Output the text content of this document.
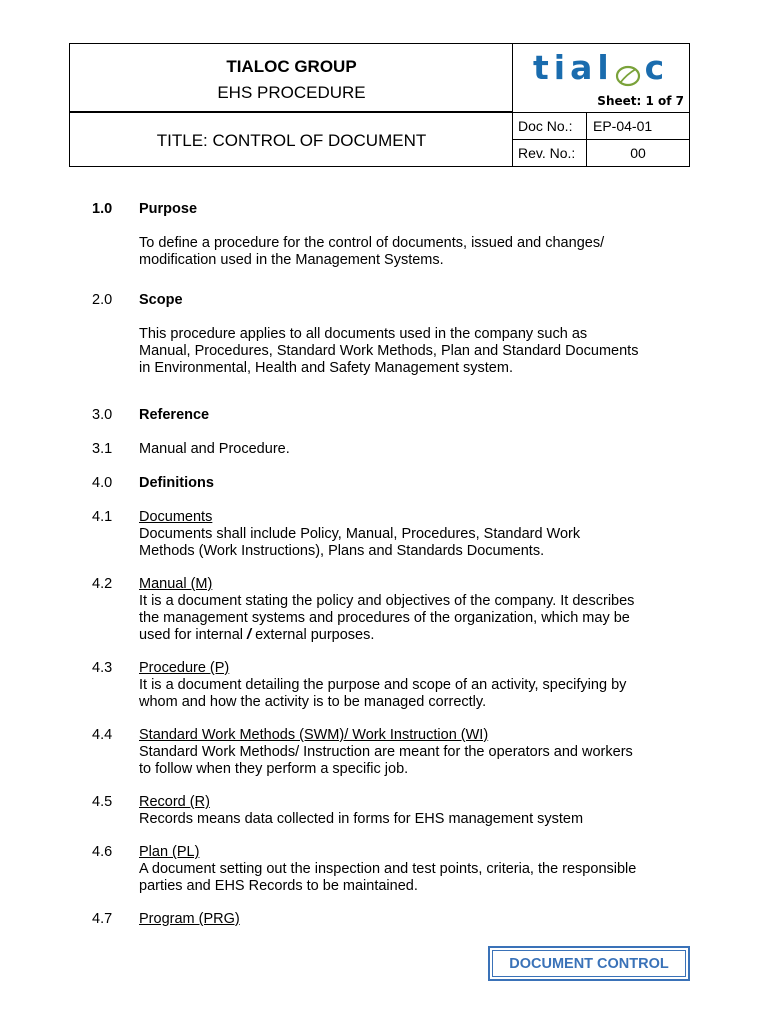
TIALOC GROUP
EHS PROCEDURE
tial c
Sheet: 1 of 7
TITLE: CONTROL OF DOCUMENT
Doc No.:	EP-04-01
Rev. No.:	00
1.0 Purpose
To define a procedure for the control of documents, issued and changes/
modification used in the Management Systems.
2.0 Scope
This procedure applies to all documents used in the company such as
Manual, Procedures, Standard Work Methods, Plan and Standard Documents
in Environmental, Health and Safety Management system.
3.0 Reference
3.1 Manual and Procedure.
4.0 Definitions
4.1 Documents
Documents shall include Policy, Manual, Procedures, Standard Work
Methods (Work Instructions), Plans and Standards Documents.
4.2 Manual (M)
It is a document stating the policy and objectives of the company. It describes
the management systems and procedures of the organization, which may be
used for internal / external purposes.
4.3 Procedure (P)
It is a document detailing the purpose and scope of an activity, specifying by
whom and how the activity is to be managed correctly.
4.4 Standard Work Methods (SWM)/ Work Instruction (WI)
Standard Work Methods/ Instruction are meant for the operators and workers
to follow when they perform a specific job.
4.5 Record (R)
Records means data collected in forms for EHS management system
4.6 Plan (PL)
A document setting out the inspection and test points, criteria, the responsible
parties and EHS Records to be maintained.
4.7 Program (PRG)
DOCUMENT CONTROL
